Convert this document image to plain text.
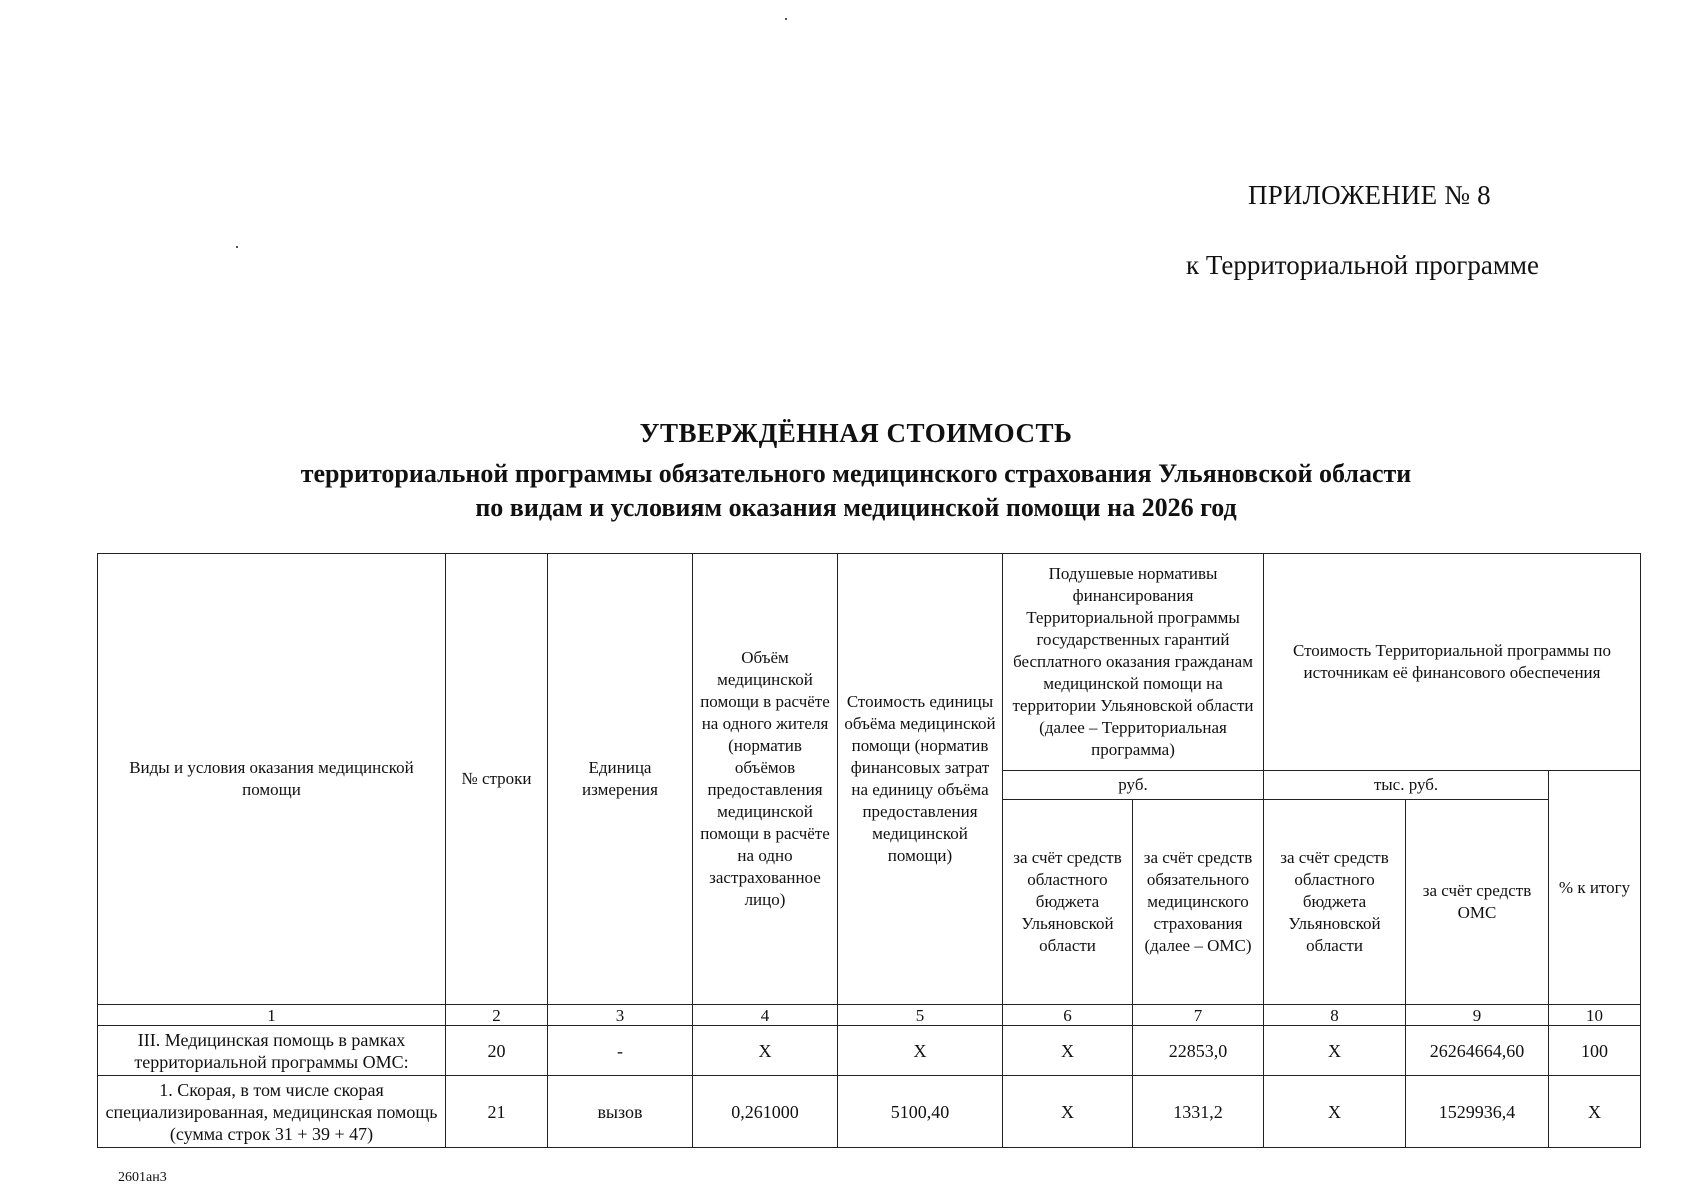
ПРИЛОЖЕНИЕ № 8
к Территориальной программе
УТВЕРЖДЁННАЯ СТОИМОСТЬ
территориальной программы обязательного медицинского страхования Ульяновской области
по видам и условиям оказания медицинской помощи на 2026 год
Виды и условия оказания медицинской помощи	№ строки	Единица измерения	Объём медицинской помощи в расчёте на одного жителя (норматив объёмов предоставления медицинской помощи в расчёте на одно застрахованное лицо)	Стоимость единицы объёма медицинской помощи (норматив финансовых затрат на единицу объёма предоставления медицинской помощи)	Подушевые нормативы финансирования Территориальной программы государственных гарантий бесплатного оказания гражданам медицинской помощи на территории Ульяновской области (далее – Территориальная программа)		Стоимость Территориальной программы по источникам её финансового обеспечения		
					руб.		тыс. руб.		% к итогу
					за счёт средств областного бюджета Ульяновской области	за счёт средств обязательного медицинского страхования (далее – ОМС)	за счёт средств областного бюджета Ульяновской области	за счёт средств ОМС	
1	2	3	4	5	6	7	8	9	10
III. Медицинская помощь в рамках территориальной программы ОМС:	20	-	X	X	X	22853,0	X	26264664,60	100
1. Скорая, в том числе скорая специализированная, медицинская помощь (сумма строк 31 + 39 + 47)	21	вызов	0,261000	5100,40	X	1331,2	X	1529936,4	X
2601ан3
